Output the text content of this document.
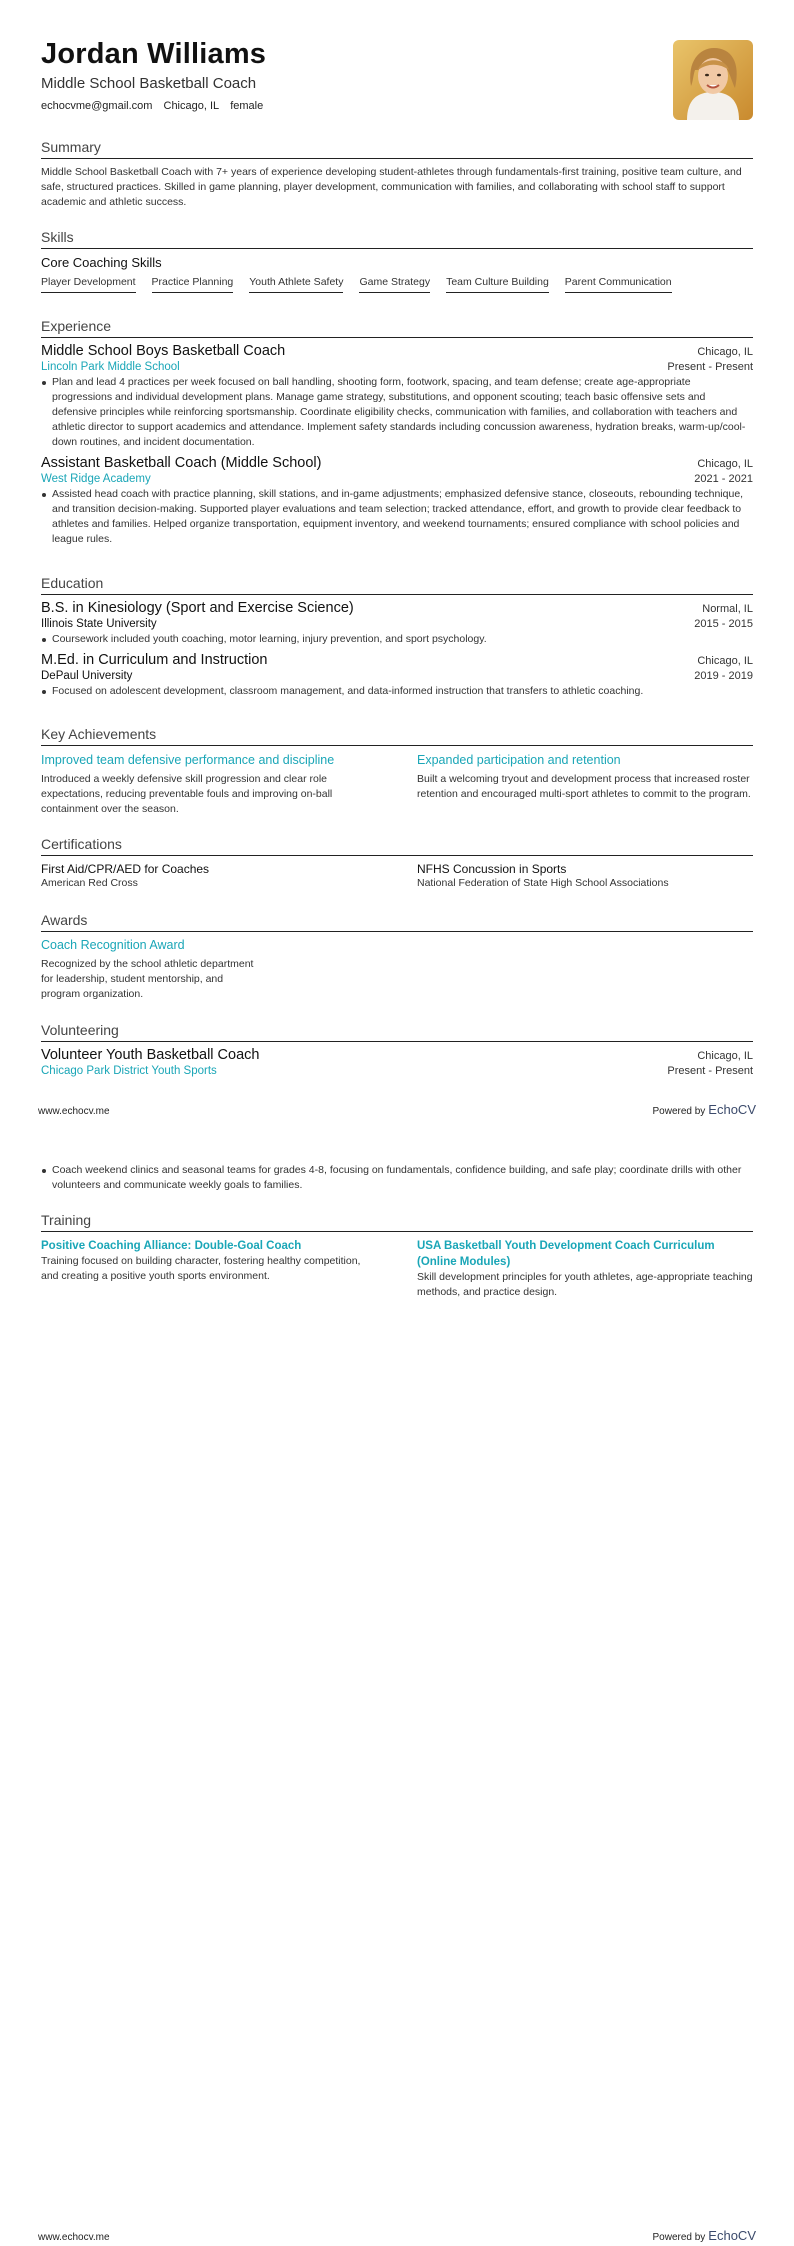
Jordan Williams
Middle School Basketball Coach
echocvme@gmail.com Chicago, IL female
Summary

Middle School Basketball Coach with 7+ years of experience developing student-athletes through fundamentals-first training, positive team culture, and safe, structured practices. Skilled in game planning, player development, communication with families, and collaborating with school staff to support academic and athletic success.

Skills
Core Coaching Skills
Player Development Practice Planning Youth Athlete Safety Game Strategy Team Culture Building Parent Communication
Experience
Middle School Boys Basketball Coach	Chicago, IL
Lincoln Park Middle School	Present - Present
Plan and lead 4 practices per week focused on ball handling, shooting form, footwork, spacing, and team defense; create age-appropriate progressions and individual development plans. Manage game strategy, substitutions, and opponent scouting; teach basic offensive sets and defensive principles while reinforcing sportsmanship. Coordinate eligibility checks, communication with families, and collaboration with teachers and athletic director to support academics and attendance. Implement safety standards including concussion awareness, hydration breaks, warm-up/cool-down routines, and incident documentation.
Assistant Basketball Coach (Middle School)	Chicago, IL
West Ridge Academy	2021 - 2021
Assisted head coach with practice planning, skill stations, and in-game adjustments; emphasized defensive stance, closeouts, rebounding technique, and transition decision-making. Supported player evaluations and team selection; tracked attendance, effort, and growth to provide clear feedback to athletes and families. Helped organize transportation, equipment inventory, and weekend tournaments; ensured compliance with school policies and league rules.
Education
B.S. in Kinesiology (Sport and Exercise Science)	Normal, IL
Illinois State University	2015 - 2015
Coursework included youth coaching, motor learning, injury prevention, and sport psychology.
M.Ed. in Curriculum and Instruction	Chicago, IL
DePaul University	2019 - 2019
Focused on adolescent development, classroom management, and data-informed instruction that transfers to athletic coaching.
Key Achievements
Improved team defensive performance and discipline

Introduced a weekly defensive skill progression and clear role expectations, reducing preventable fouls and improving on-ball containment over the season.

Expanded participation and retention

Built a welcoming tryout and development process that increased roster retention and encouraged multi-sport athletes to commit to the program.

Certifications
First Aid/CPR/AED for Coaches
American Red Cross
NFHS Concussion in Sports
National Federation of State High School Associations
Awards
Coach Recognition Award

Recognized by the school athletic department for leadership, student mentorship, and program organization.

Volunteering
Volunteer Youth Basketball Coach	Chicago, IL
Chicago Park District Youth Sports	Present - Present
www.echocv.me	Powered by EchoCV
Coach weekend clinics and seasonal teams for grades 4-8, focusing on fundamentals, confidence building, and safe play; coordinate drills with other volunteers and communicate weekly goals to families.
Training
Positive Coaching Alliance: Double-Goal Coach

Training focused on building character, fostering healthy competition, and creating a positive youth sports environment.

USA Basketball Youth Development Coach Curriculum (Online Modules)

Skill development principles for youth athletes, age-appropriate teaching methods, and practice design.

www.echocv.me	Powered by EchoCV
